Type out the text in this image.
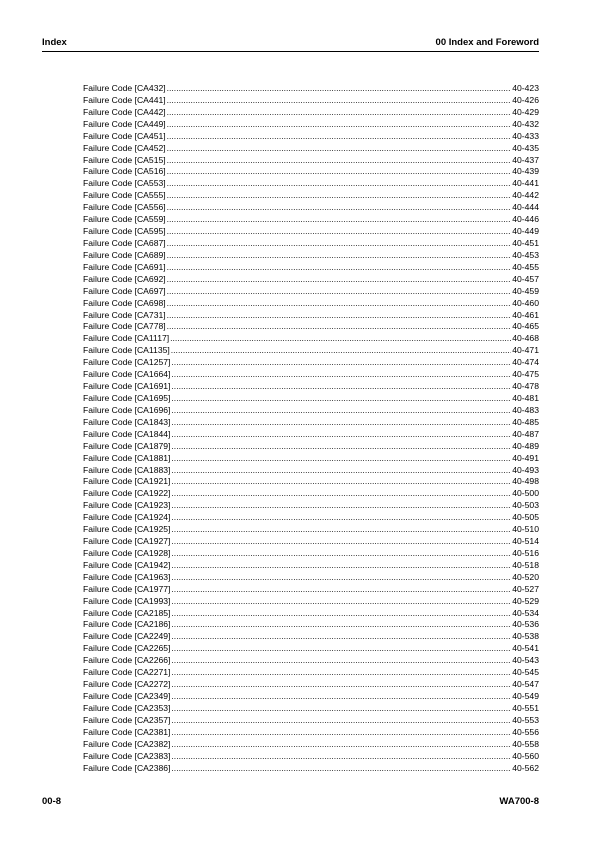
Index	00 Index and Foreword
Failure Code [CA432] .....	40-423
Failure Code [CA441] .....	40-426
Failure Code [CA442] .....	40-429
Failure Code [CA449] .....	40-432
Failure Code [CA451] .....	40-433
Failure Code [CA452] .....	40-435
Failure Code [CA515] .....	40-437
Failure Code [CA516] .....	40-439
Failure Code [CA553] .....	40-441
Failure Code [CA555] .....	40-442
Failure Code [CA556] .....	40-444
Failure Code [CA559] .....	40-446
Failure Code [CA595] .....	40-449
Failure Code [CA687] .....	40-451
Failure Code [CA689] .....	40-453
Failure Code [CA691] .....	40-455
Failure Code [CA692] .....	40-457
Failure Code [CA697] .....	40-459
Failure Code [CA698] .....	40-460
Failure Code [CA731] .....	40-461
Failure Code [CA778] .....	40-465
Failure Code [CA1117] .....	40-468
Failure Code [CA1135] .....	40-471
Failure Code [CA1257] .....	40-474
Failure Code [CA1664] .....	40-475
Failure Code [CA1691] .....	40-478
Failure Code [CA1695] .....	40-481
Failure Code [CA1696] .....	40-483
Failure Code [CA1843] .....	40-485
Failure Code [CA1844] .....	40-487
Failure Code [CA1879] .....	40-489
Failure Code [CA1881] .....	40-491
Failure Code [CA1883] .....	40-493
Failure Code [CA1921] .....	40-498
Failure Code [CA1922] .....	40-500
Failure Code [CA1923] .....	40-503
Failure Code [CA1924] .....	40-505
Failure Code [CA1925] .....	40-510
Failure Code [CA1927] .....	40-514
Failure Code [CA1928] .....	40-516
Failure Code [CA1942] .....	40-518
Failure Code [CA1963] .....	40-520
Failure Code [CA1977] .....	40-527
Failure Code [CA1993] .....	40-529
Failure Code [CA2185] .....	40-534
Failure Code [CA2186] .....	40-536
Failure Code [CA2249] .....	40-538
Failure Code [CA2265] .....	40-541
Failure Code [CA2266] .....	40-543
Failure Code [CA2271] .....	40-545
Failure Code [CA2272] .....	40-547
Failure Code [CA2349] .....	40-549
Failure Code [CA2353] .....	40-551
Failure Code [CA2357] .....	40-553
Failure Code [CA2381] .....	40-556
Failure Code [CA2382] .....	40-558
Failure Code [CA2383] .....	40-560
Failure Code [CA2386] .....	40-562
00-8	WA700-8
